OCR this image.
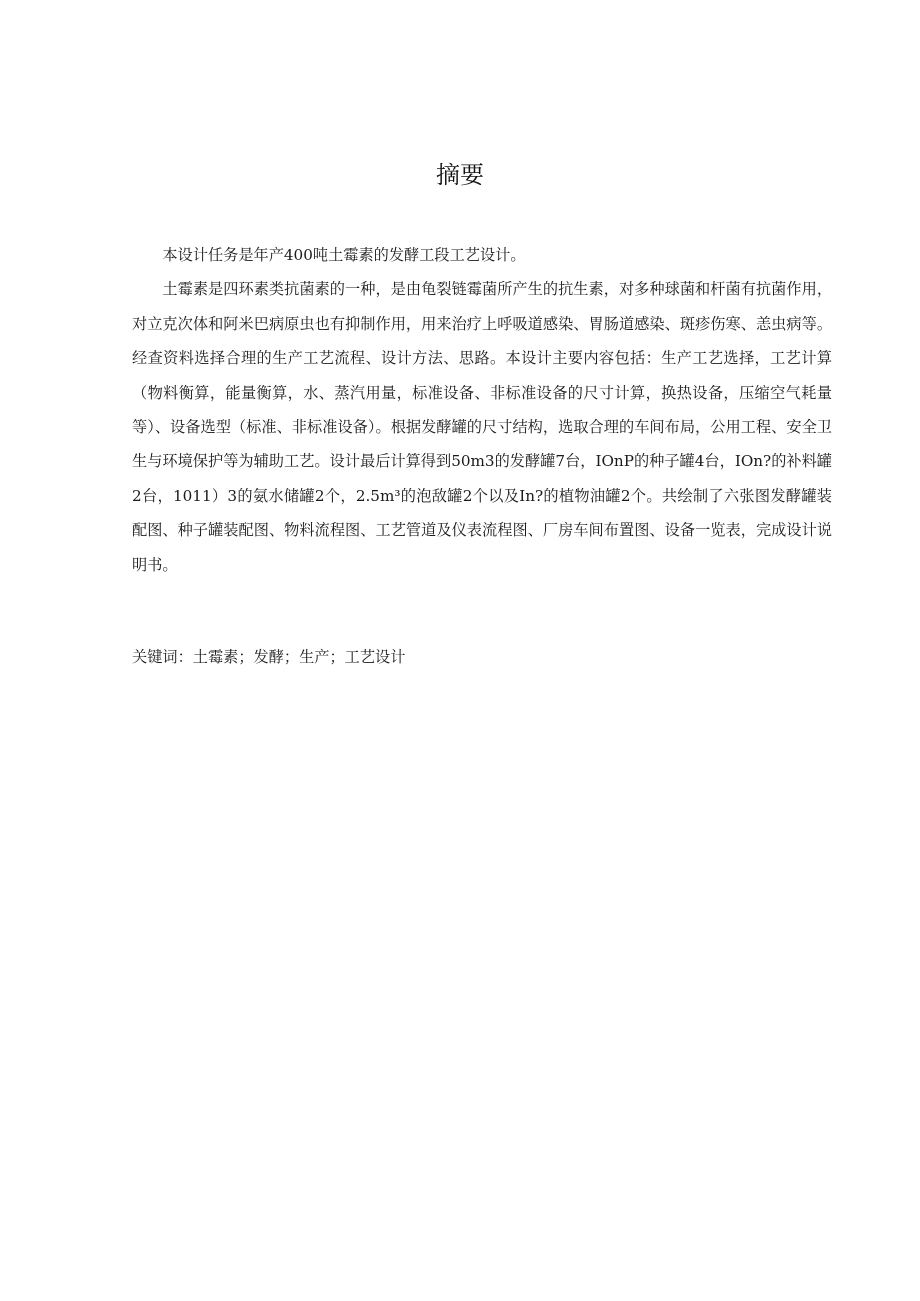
摘要

本设计任务是年产400吨土霉素的发酵工段工艺设计。

土霉素是四环素类抗菌素的一种，是由龟裂链霉菌所产生的抗生素，对多种球菌和杆菌有抗菌作用，对立克次体和阿米巴病原虫也有抑制作用，用来治疗上呼吸道感染、胃肠道感染、斑疹伤寒、恙虫病等。经查资料选择合理的生产工艺流程、设计方法、思路。本设计主要内容包括：生产工艺选择，工艺计算（物料衡算，能量衡算，水、蒸汽用量，标准设备、非标准设备的尺寸计算，换热设备，压缩空气耗量等）、设备选型（标准、非标准设备）。根据发酵罐的尺寸结构，选取合理的车间布局，公用工程、安全卫生与环境保护等为辅助工艺。设计最后计算得到50m3的发酵罐7台，IOnP的种子罐4台，IOn?的补料罐2台，1011）3的氨水储罐2个，2.5m³的泡敌罐2个以及In?的植物油罐2个。共绘制了六张图发酵罐装配图、种子罐装配图、物料流程图、工艺管道及仪表流程图、厂房车间布置图、设备一览表，完成设计说明书。

关键词：土霉素；发酵；生产；工艺设计
